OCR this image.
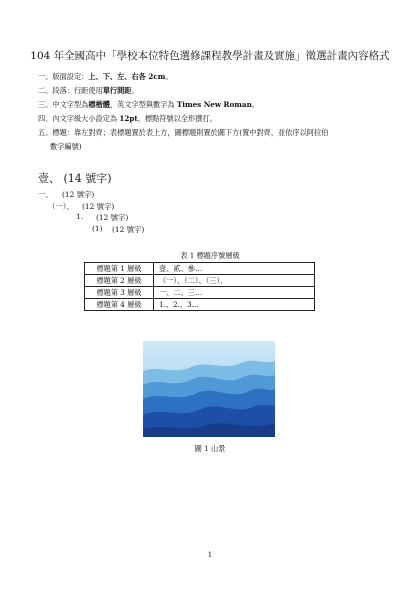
104 年全國高中「學校本位特色選修課程教學計畫及實施」徵選計畫內容格式
一、版面設定：上、下、左、右各 2cm。
二、段落：行距使用單行間距。
三、中文字型為標楷體，英文字型與數字為 Times New Roman。
四、內文字級大小設定為 12pt，標點符號以全形撰打。
五、標題：靠左對齊；表標題置於表上方，圖標題則置於圖下方(置中對齊，並依序以阿拉伯
數字編號)
壹、 (14 號字)
一、 (12 號字)
（一）、 (12 號字)
1. (12 號字)
(1) (12 號字)
表 1 標題序號層級
標題第 1 層級	壹、貳、參…
標題第 2 層級	（一）、（二）、（三）、
標題第 3 層級	一、二、三…
標題第 4 層級	1.、2.、3…
圖 1 山景
1
